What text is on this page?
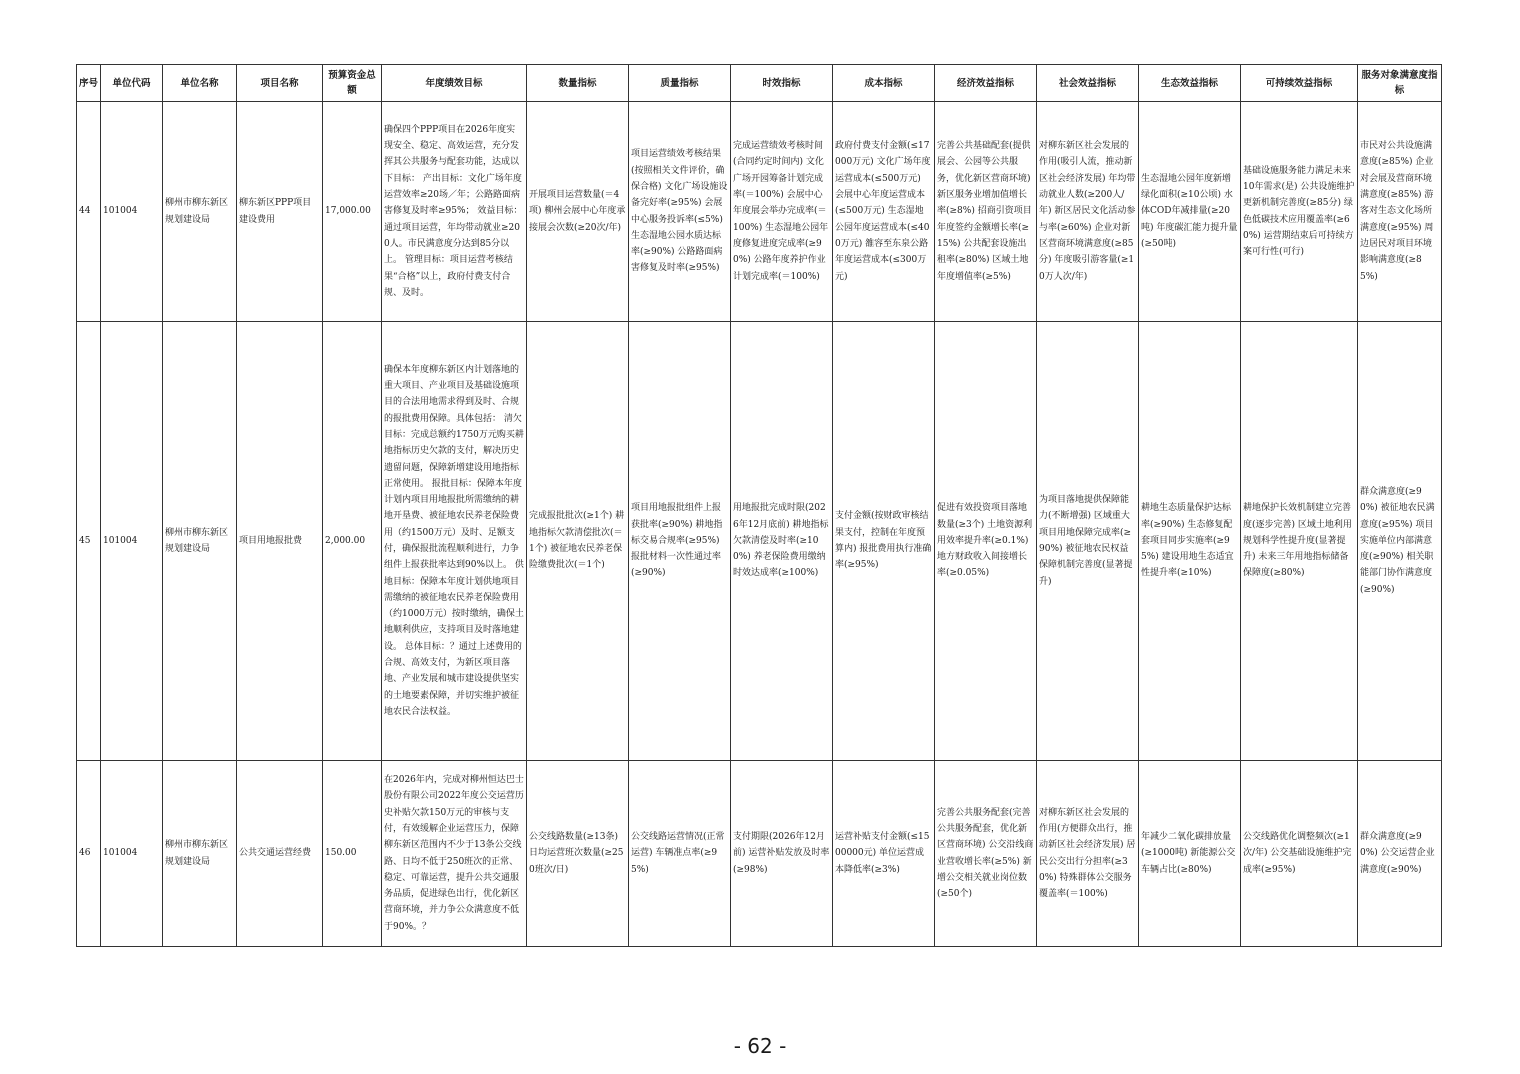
序号	单位代码	单位名称	项目名称	预算资金总额	年度绩效目标	数量指标	质量指标	时效指标	成本指标	经济效益指标	社会效益指标	生态效益指标	可持续效益指标	服务对象满意度指标
44	101004	柳州市柳东新区规划建设局	柳东新区PPP项目建设费用	17,000.00	确保四个PPP项目在2026年度实现安全、稳定、高效运营，充分发挥其公共服务与配套功能，达成以下目标： 产出目标：文化广场年度运营效率≥20场／年；公路路面病害修复及时率≥95%； 效益目标：通过项目运营，年均带动就业≥200人。市民满意度分达到85分以上。 管理目标：项目运营考核结果“合格”以上，政府付费支付合规、及时。	开展项目运营数量(＝4项) 柳州会展中心年度承接展会次数(≥20次/年)	项目运营绩效考核结果(按照相关文件评价，确保合格) 文化广场设施设备完好率(≥95%) 会展中心服务投诉率(≤5%) 生态湿地公园水质达标率(≥90%) 公路路面病害修复及时率(≥95%)	完成运营绩效考核时间(合同约定时间内) 文化广场开园筹备计划完成率(＝100%) 会展中心年度展会举办完成率(＝100%) 生态湿地公园年度修复进度完成率(≥90%) 公路年度养护作业计划完成率(＝100%)	政府付费支付金额(≤17000万元) 文化广场年度运营成本(≤500万元) 会展中心年度运营成本(≤500万元) 生态湿地公园年度运营成本(≤400万元) 雒容至东泉公路年度运营成本(≤300万元)	完善公共基础配套(提供展会、公园等公共服务，优化新区营商环境) 新区服务业增加值增长率(≥8%) 招商引资项目年度签约金额增长率(≥15%) 公共配套设施出租率(≥80%) 区域土地年度增值率(≥5%)	对柳东新区社会发展的作用(吸引人流，推动新区社会经济发展) 年均带动就业人数(≥200人/年) 新区居民文化活动参与率(≥60%) 企业对新区营商环境满意度(≥85分) 年度吸引游客量(≥10万人次/年)	生态湿地公园年度新增绿化面积(≥10公顷) 水体COD年减排量(≥20吨) 年度碳汇能力提升量(≥50吨)	基础设施服务能力满足未来10年需求(是) 公共设施维护更新机制完善度(≥85分) 绿色低碳技术应用覆盖率(≥60%) 运营期结束后可持续方案可行性(可行)	市民对公共设施满意度(≥85%) 企业对会展及营商环境满意度(≥85%) 游客对生态文化场所满意度(≥95%) 周边居民对项目环境影响满意度(≥85%)
45	101004	柳州市柳东新区规划建设局	项目用地报批费	2,000.00	确保本年度柳东新区内计划落地的重大项目、产业项目及基础设施项目的合法用地需求得到及时、合规的报批费用保障。具体包括： 清欠目标：完成总额约1750万元购买耕地指标历史欠款的支付，解决历史遗留问题，保障新增建设用地指标正常使用。 报批目标：保障本年度计划内项目用地报批所需缴纳的耕地开垦费、被征地农民养老保险费用（约1500万元）及时、足额支付，确保报批流程顺利进行，力争组件上报获批率达到90%以上。 供地目标：保障本年度计划供地项目需缴纳的被征地农民养老保险费用（约1000万元）按时缴纳，确保土地顺利供应，支持项目及时落地建设。 总体目标：？通过上述费用的合规、高效支付，为新区项目落地、产业发展和城市建设提供坚实的土地要素保障，并切实维护被征地农民合法权益。	完成报批批次(≥1个) 耕地指标欠款清偿批次(＝1个) 被征地农民养老保险缴费批次(＝1个)	项目用地报批组件上报获批率(≥90%) 耕地指标交易合规率(≥95%) 报批材料一次性通过率(≥90%)	用地报批完成时限(2026年12月底前) 耕地指标欠款清偿及时率(≥100%) 养老保险费用缴纳时效达成率(≥100%)	支付金额(按财政审核结果支付，控制在年度预算内) 报批费用执行准确率(≥95%)	促进有效投资项目落地数量(≥3个) 土地资源利用效率提升率(≥0.1%) 地方财政收入间接增长率(≥0.05%)	为项目落地提供保障能力(不断增强) 区域重大项目用地保障完成率(≥90%) 被征地农民权益保障机制完善度(显著提升)	耕地生态质量保护达标率(≥90%) 生态修复配套项目同步实施率(≥95%) 建设用地生态适宜性提升率(≥10%)	耕地保护长效机制建立完善度(逐步完善) 区域土地利用规划科学性提升度(显著提升) 未来三年用地指标储备保障度(≥80%)	群众满意度(≥90%) 被征地农民满意度(≥95%) 项目实施单位内部满意度(≥90%) 相关职能部门协作满意度(≥90%)
46	101004	柳州市柳东新区规划建设局	公共交通运营经费	150.00	在2026年内，完成对柳州恒达巴士股份有限公司2022年度公交运营历史补贴欠款150万元的审核与支付，有效缓解企业运营压力，保障柳东新区范围内不少于13条公交线路、日均不低于250班次的正常、稳定、可靠运营，提升公共交通服务品质，促进绿色出行，优化新区营商环境，并力争公众满意度不低于90%。？	公交线路数量(≥13条) 日均运营班次数量(≥250班次/日)	公交线路运营情况(正常运营) 车辆准点率(≥95%)	支付期限(2026年12月前) 运营补贴发放及时率(≥98%)	运营补贴支付金额(≤1500000元) 单位运营成本降低率(≥3%)	完善公共服务配套(完善公共服务配套，优化新区营商环境) 公交沿线商业营收增长率(≥5%) 新增公交相关就业岗位数(≥50个)	对柳东新区社会发展的作用(方便群众出行，推动新区社会经济发展) 居民公交出行分担率(≥30%) 特殊群体公交服务覆盖率(＝100%)	年减少二氧化碳排放量(≥1000吨) 新能源公交车辆占比(≥80%)	公交线路优化调整频次(≥1次/年) 公交基础设施维护完成率(≥95%)	群众满意度(≥90%) 公交运营企业满意度(≥90%)
- 62 -
